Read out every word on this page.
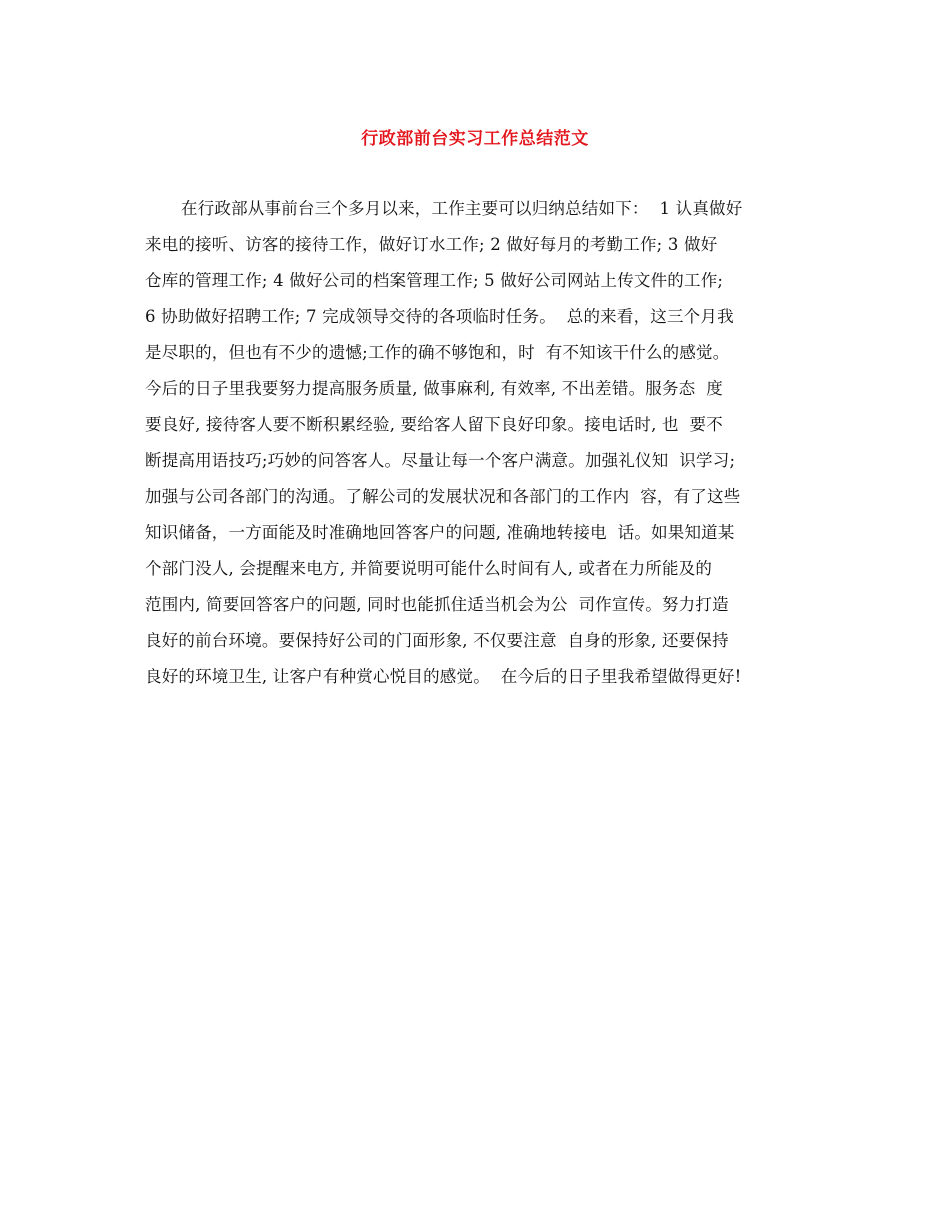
行政部前台实习工作总结范文
在行政部从事前台三个多月以来，工作主要可以归纳总结如下：  1 认真做好
来电的接听、访客的接待工作，做好订水工作; 2 做好每月的考勤工作; 3 做好
仓库的管理工作; 4 做好公司的档案管理工作; 5 做好公司网站上传文件的工作;
6 协助做好招聘工作; 7 完成领导交待的各项临时任务。  总的来看，这三个月我
是尽职的，但也有不少的遗憾;工作的确不够饱和，时  有不知该干什么的感觉。
今后的日子里我要努力提高服务质量, 做事麻利, 有效率, 不出差错。服务态  度
要良好, 接待客人要不断积累经验, 要给客人留下良好印象。接电话时, 也  要不
断提高用语技巧;巧妙的问答客人。尽量让每一个客户满意。加强礼仪知  识学习;
加强与公司各部门的沟通。了解公司的发展状况和各部门的工作内  容，有了这些
知识储备，一方面能及时准确地回答客户的问题, 准确地转接电  话。如果知道某
个部门没人, 会提醒来电方, 并简要说明可能什么时间有人, 或者在力所能及的
范围内, 简要回答客户的问题, 同时也能抓住适当机会为公  司作宣传。努力打造
良好的前台环境。要保持好公司的门面形象, 不仅要注意  自身的形象, 还要保持
良好的环境卫生, 让客户有种赏心悦目的感觉。  在今后的日子里我希望做得更好!
